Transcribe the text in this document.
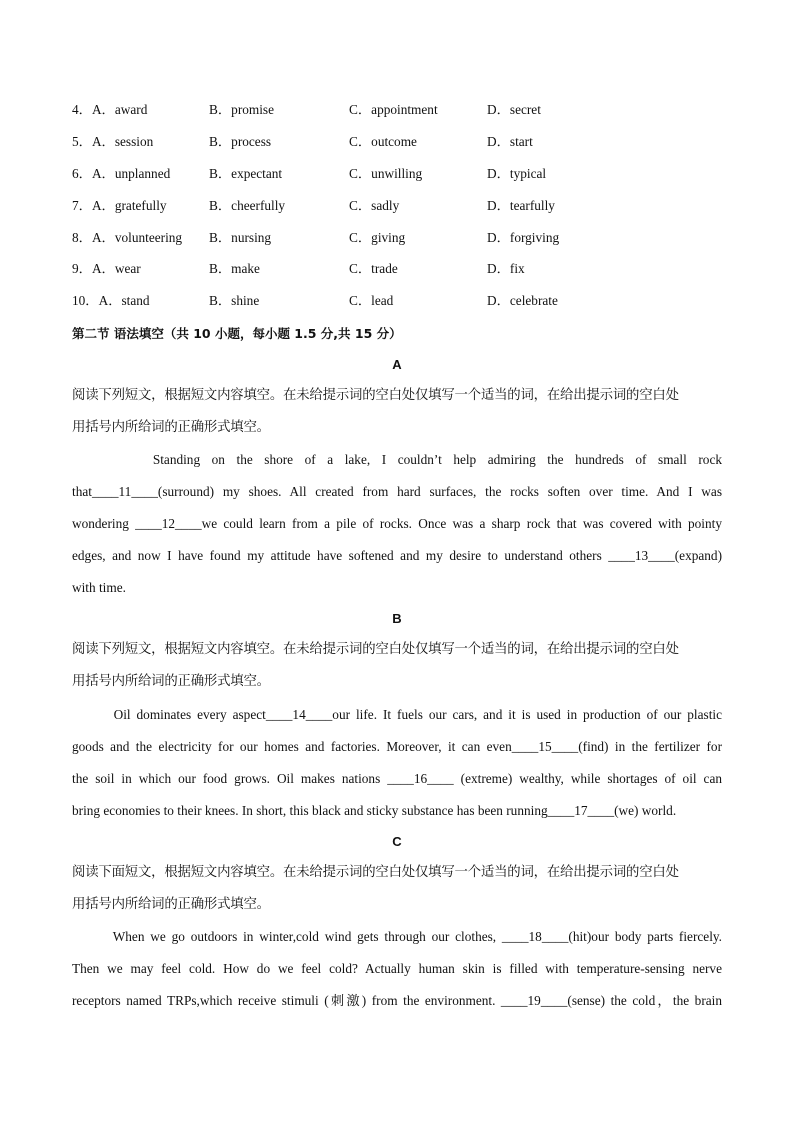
4．A．award	B．promise	C．appointment	D．secret
5．A．session	B．process	C．outcome	D．start
6．A．unplanned	B．expectant	C．unwilling	D．typical
7．A．gratefully	B．cheerfully	C．sadly	D．tearfully
8．A．volunteering B．nursing	C．giving	D．forgiving
9．A．wear	B．make	C．trade	D．fix
10．A．stand	B．shine	C．lead	D．celebrate
第二节 语法填空（共 10 小题，每小题 1.5 分,共 15 分）
A
阅读下列短文，根据短文内容填空。在未给提示词的空白处仅填写一个适当的词，在给出提示词的空白处
用括号内所给词的正确形式填空。
Standing on the shore of a lake, I couldn’t help admiring the hundreds of small rock
that____11____(surround) my shoes. All created from hard surfaces, the rocks soften over time. And I was
wondering ____12____we could learn from a pile of rocks. Once was a sharp rock that was covered with pointy
edges, and now I have found my attitude have softened and my desire to understand others ____13____(expand)
with time.
B
阅读下列短文，根据短文内容填空。在未给提示词的空白处仅填写一个适当的词，在给出提示词的空白处
用括号内所给词的正确形式填空。
Oil dominates every aspect____14____our life. It fuels our cars, and it is used in production of our plastic
goods and the electricity for our homes and factories. Moreover, it can even____15____(find) in the fertilizer for
the soil in which our food grows. Oil makes nations ____16____ (extreme) wealthy, while shortages of oil can
bring economies to their knees. In short, this black and sticky substance has been running____17____(we) world.
C
阅读下面短文，根据短文内容填空。在未给提示词的空白处仅填写一个适当的词，在给出提示词的空白处
用括号内所给词的正确形式填空。
When we go outdoors in winter,cold wind gets through our clothes, ____18____(hit)our body parts fiercely.
Then we may feel cold. How do we feel cold? Actually human skin is filled with temperature-sensing nerve
receptors named TRPs,which receive stimuli (刺激) from the environment. ____19____(sense) the cold，the brain
